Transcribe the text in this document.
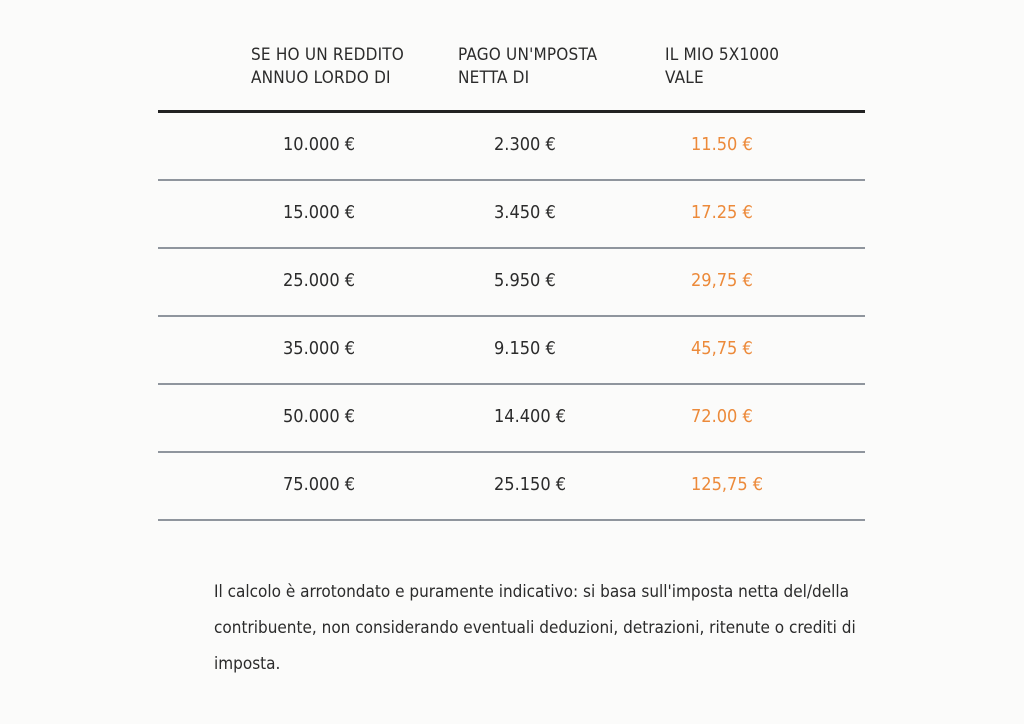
SE HO UN REDDITO
ANNUO LORDO DI
PAGO UN'MPOSTA
NETTA DI
IL MIO 5X1000
VALE
10.000 €	2.300 €	11.50 €
15.000 €	3.450 €	17.25 €
25.000 €	5.950 €	29,75 €
35.000 €	9.150 €	45,75 €
50.000 €	14.400 €	72.00 €
75.000 €	25.150 €	125,75 €
Il calcolo è arrotondato e puramente indicativo: si basa sull'imposta netta del/della contribuente, non considerando eventuali deduzioni, detrazioni, ritenute o crediti di imposta.
